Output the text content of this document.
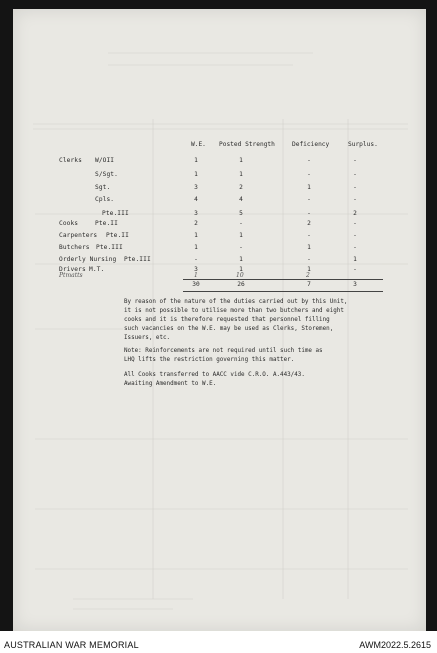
W.E. Posted Strength	Deficiency	Surplus.
Clerks W/OII	1	1	-	-
S/Sgt.	1	1	-	-
Sgt.	3	2	1	-
Cpls.	4	4	-	-
Pte.III	3	5	-	2
Cooks	Pte.II	2	-	2	-
Carpenters Pte.II	1	1	-	-
Butchers Pte.III	1	-	1	-
Orderly Nursing Pte.III	-	1	-	1
Drivers M.T.	3	1	1	-
Ptmatts	1	10	2
30	26	7	3
By reason of the nature of the duties carried out by this Unit,
it is not possible to utilise more than two butchers and eight
cooks and it is therefore requested that personnel filling
such vacancies on the W.E. may be used as Clerks, Storemen,
Issuers, etc.
Note: Reinforcements are not required until such time as
LHQ lifts the restriction governing this matter.
All Cooks transferred to AACC vide C.R.O. A.443/43.
Awaiting Amendment to W.E.
AUSTRALIAN WAR MEMORIAL	AWM2022.5.2615
